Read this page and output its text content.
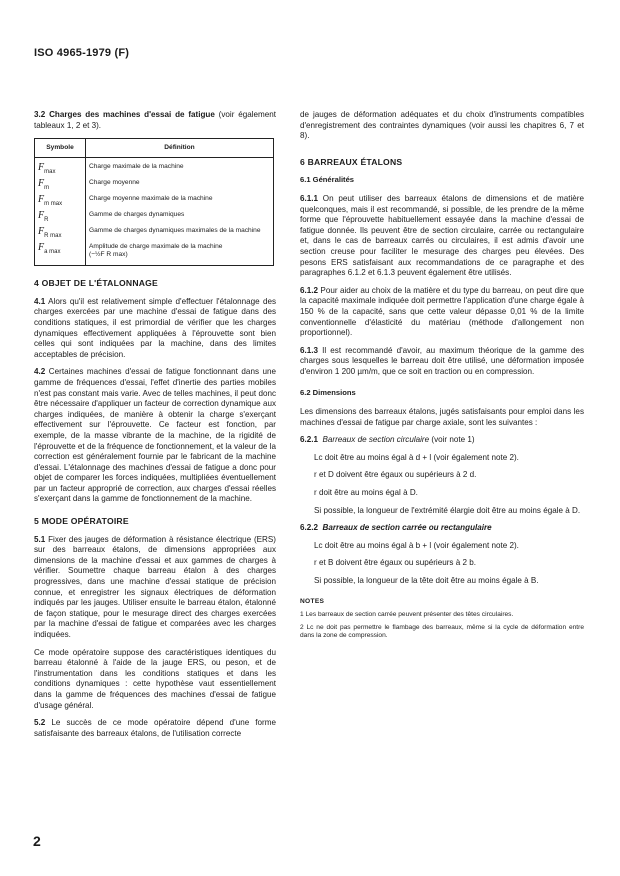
ISO 4965-1979 (F)

3.2 Charges des machines d'essai de fatigue (voir également tableaux 1, 2 et 3).

Symbole	Définition
$F_{max}$	Charge maximale de la machine
$F_m$	Charge moyenne
$F_{m max}$	Charge moyenne maximale de la machine
$F_R$	Gamme de charges dynamiques
$F_{R max}$	Gamme de charges dynamiques maximales de la machine
$F_{a max}$	Amplitude de charge maximale de la machine
(−½F R max)
4 OBJET DE L'ÉTALONNAGE

4.1 Alors qu'il est relativement simple d'effectuer l'étalonnage des charges exercées par une machine d'essai de fatigue dans des conditions statiques, il est primordial de vérifier que les charges dynamiques effectivement appliquées à l'éprouvette sont bien celles qui sont indiquées par la machine, dans des limites acceptables de précision.

4.2 Certaines machines d'essai de fatigue fonctionnant dans une gamme de fréquences d'essai, l'effet d'inertie des parties mobiles n'est pas constant mais varie. Avec de telles machines, il peut donc être nécessaire d'appliquer un facteur de correction dynamique aux charges indiquées, de manière à obtenir la charge s'exerçant effectivement sur l'éprouvette. Ce facteur est fonction, par exemple, de la masse vibrante de la machine, de la rigidité de l'éprouvette et de la fréquence de fonctionnement, et la valeur de la correction est généralement fournie par le fabricant de la machine d'essai. L'étalonnage des machines d'essai de fatigue a donc pour objet de comparer les forces indiquées, multipliées éventuellement par un facteur approprié de correction, aux charges d'essai réelles s'exerçant dans la gamme de fonctionnement de la machine.

5 MODE OPÉRATOIRE

5.1 Fixer des jauges de déformation à résistance électrique (ERS) sur des barreaux étalons, de dimensions appropriées aux dimensions de la machine d'essai et aux gammes de charges à vérifier. Soumettre chaque barreau étalon à des charges progressives, dans une machine d'essai statique de précision connue, et enregistrer les signaux électriques de déformation indiqués par les jauges. Utiliser ensuite le barreau étalon, étalonné de façon statique, pour le mesurage direct des charges exercées par la machine d'essai de fatigue et comparées avec les charges indiquées.

Ce mode opératoire suppose des caractéristiques identiques du barreau étalonné à l'aide de la jauge ERS, ou peson, et de l'instrumentation dans les conditions statiques et dans les conditions dynamiques : cette hypothèse vaut essentiellement dans la gamme de fréquences des machines d'essai de fatigue d'usage général.

5.2 Le succès de ce mode opératoire dépend d'une forme satisfaisante des barreaux étalons, de l'utilisation correcte

de jauges de déformation adéquates et du choix d'instruments compatibles d'enregistrement des contraintes dynamiques (voir aussi les chapitres 6, 7 et 8).

6 BARREAUX ÉTALONS
6.1 Généralités

6.1.1 On peut utiliser des barreaux étalons de dimensions et de matière quelconques, mais il est recommandé, si possible, de les prendre de la même forme que l'éprouvette habituellement essayée dans la machine d'essai de fatigue donnée. Ils peuvent être de section circulaire, carrée ou rectangulaire et, dans le cas de barreaux carrés ou circulaires, il est admis d'avoir une section creuse pour faciliter le mesurage des charges peu élevées. Des pesons ERS satisfaisant aux recommandations de ce paragraphe et des paragraphes 6.1.2 et 6.1.3 peuvent également être utilisés.

6.1.2 Pour aider au choix de la matière et du type du barreau, on peut dire que la capacité maximale indiquée doit permettre l'application d'une charge égale à 150 % de la capacité, sans que cette valeur dépasse 0,01 % de la limite conventionnelle d'élasticité du matériau (méthode d'allongement non proportionnel).

6.1.3 Il est recommandé d'avoir, au maximum théorique de la gamme des charges sous lesquelles le barreau doit être utilisé, une déformation imposée d'environ 1 200 µm/m, que ce soit en traction ou en compression.

6.2 Dimensions

Les dimensions des barreaux étalons, jugés satisfaisants pour emploi dans les machines d'essai de fatigue par charge axiale, sont les suivantes :

6.2.1 Barreaux de section circulaire (voir note 1)

Lc doit être au moins égal à d + l (voir également note 2).

r et D doivent être égaux ou supérieurs à 2 d.

r doit être au moins égal à D.

Si possible, la longueur de l'extrémité élargie doit être au moins égale à D.

6.2.2 Barreaux de section carrée ou rectangulaire

Lc doit être au moins égal à b + l (voir également note 2).

r et B doivent être égaux ou supérieurs à 2 b.

Si possible, la longueur de la tête doit être au moins égale à B.

NOTES

1 Les barreaux de section carrée peuvent présenter des têtes circulaires.

2 Lc ne doit pas permettre le flambage des barreaux, même si la cycle de déformation entre dans la zone de compression.

2
